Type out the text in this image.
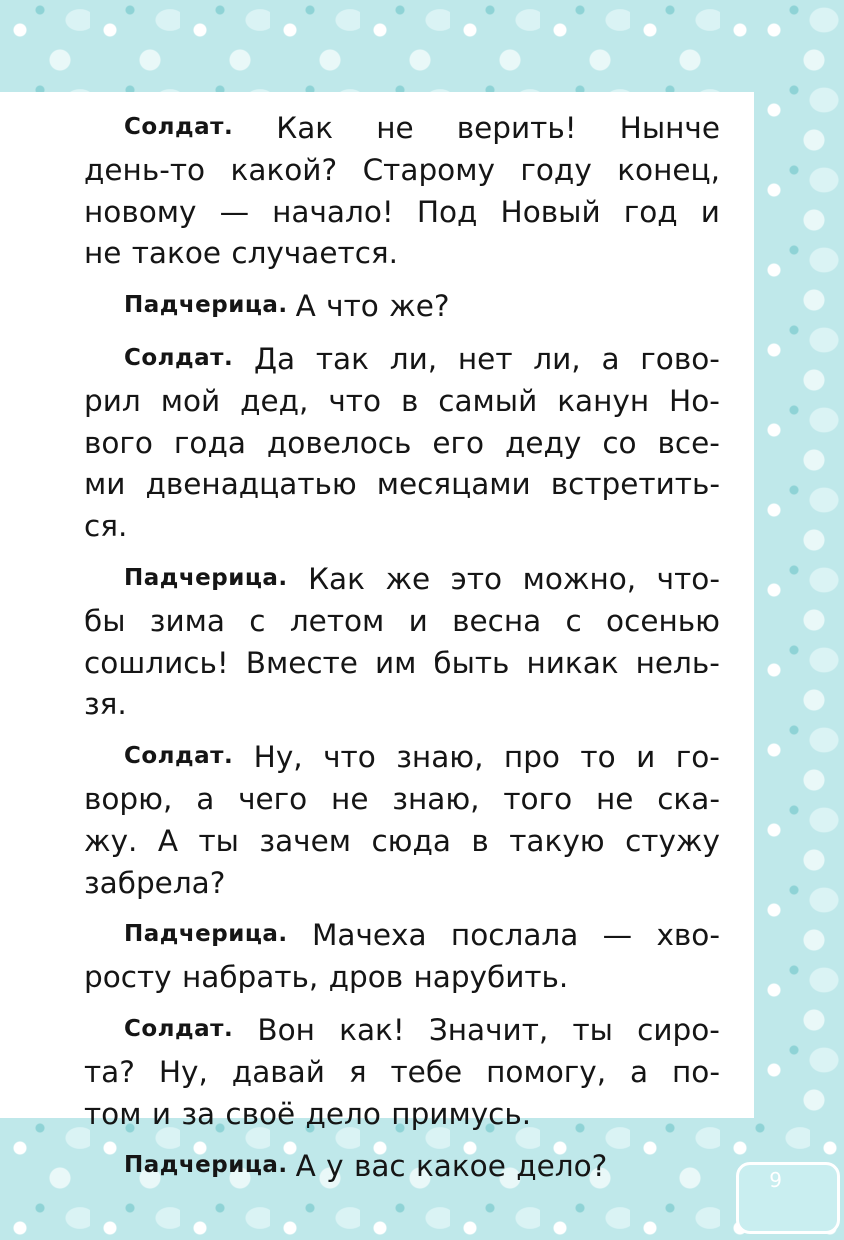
9
Солдат. Как не верить! Нынче
день-то какой? Старому году конец,
новому — начало! Под Новый год и
не такое случается.
Падчерица. А что же?
Солдат. Да так ли, нет ли, а гово-
рил мой дед, что в самый канун Но-
вого года довелось его деду со все-
ми двенадцатью месяцами встретить-
ся.
Падчерица. Как же это можно, что-
бы зима с летом и весна с осенью
сошлись! Вместе им быть никак нель-
зя.
Солдат. Ну, что знаю, про то и го-
ворю, а чего не знаю, того не ска-
жу. А ты зачем сюда в такую стужу
забрела?
Падчерица. Мачеха послала — хво-
росту набрать, дров нарубить.
Солдат. Вон как! Значит, ты сиро-
та? Ну, давай я тебе помогу, а по-
том и за своё дело примусь.
Падчерица. А у вас какое дело?
